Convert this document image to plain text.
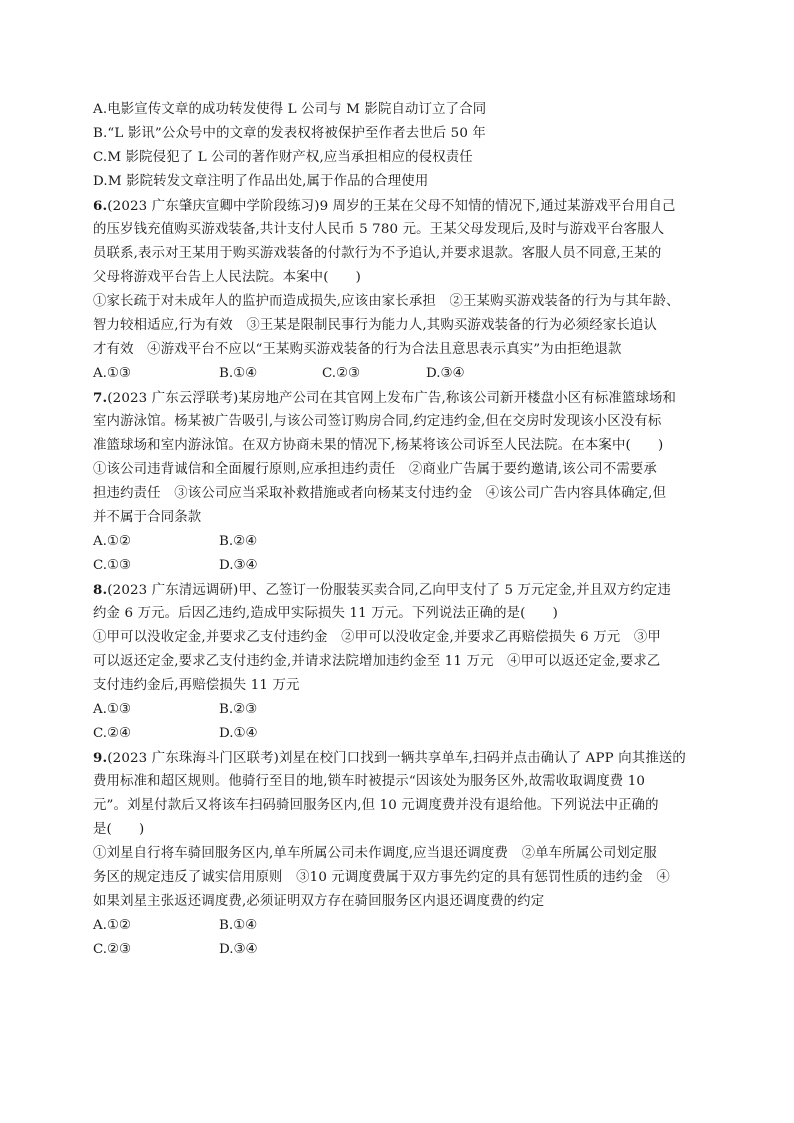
A.电影宣传文章的成功转发使得 L 公司与 M 影院自动订立了合同
B.“L 影讯”公众号中的文章的发表权将被保护至作者去世后 50 年
C.M 影院侵犯了 L 公司的著作财产权,应当承担相应的侵权责任
D.M 影院转发文章注明了作品出处,属于作品的合理使用
6.(2023 广东肇庆宣卿中学阶段练习)9 周岁的王某在父母不知情的情况下,通过某游戏平台用自己
的压岁钱充值购买游戏装备,共计支付人民币 5 780 元。王某父母发现后,及时与游戏平台客服人
员联系,表示对王某用于购买游戏装备的付款行为不予追认,并要求退款。客服人员不同意,王某的
父母将游戏平台告上人民法院。本案中(　　)
①家长疏于对未成年人的监护而造成损失,应该由家长承担　②王某购买游戏装备的行为与其年龄、
智力较相适应,行为有效　③王某是限制民事行为能力人,其购买游戏装备的行为必须经家长追认
才有效　④游戏平台不应以“王某购买游戏装备的行为合法且意思表示真实”为由拒绝退款
A.①③	B.①④	C.②③	D.③④
7.(2023 广东云浮联考)某房地产公司在其官网上发布广告,称该公司新开楼盘小区有标准篮球场和
室内游泳馆。杨某被广告吸引,与该公司签订购房合同,约定违约金,但在交房时发现该小区没有标
准篮球场和室内游泳馆。在双方协商未果的情况下,杨某将该公司诉至人民法院。在本案中(　　)
①该公司违背诚信和全面履行原则,应承担违约责任　②商业广告属于要约邀请,该公司不需要承
担违约责任　③该公司应当采取补救措施或者向杨某支付违约金　④该公司广告内容具体确定,但
并不属于合同条款
A.①②	B.②④
C.①③	D.③④
8.(2023 广东清远调研)甲、乙签订一份服装买卖合同,乙向甲支付了 5 万元定金,并且双方约定违
约金 6 万元。后因乙违约,造成甲实际损失 11 万元。下列说法正确的是(　　)
①甲可以没收定金,并要求乙支付违约金　②甲可以没收定金,并要求乙再赔偿损失 6 万元　③甲
可以返还定金,要求乙支付违约金,并请求法院增加违约金至 11 万元　④甲可以返还定金,要求乙
支付违约金后,再赔偿损失 11 万元
A.①③	B.②③
C.②④	D.①④
9.(2023 广东珠海斗门区联考)刘星在校门口找到一辆共享单车,扫码并点击确认了 APP 向其推送的
费用标准和超区规则。他骑行至目的地,锁车时被提示“因该处为服务区外,故需收取调度费 10
元”。刘星付款后又将该车扫码骑回服务区内,但 10 元调度费并没有退给他。下列说法中正确的
是(　　)
①刘星自行将车骑回服务区内,单车所属公司未作调度,应当退还调度费　②单车所属公司划定服
务区的规定违反了诚实信用原则　③10 元调度费属于双方事先约定的具有惩罚性质的违约金　④
如果刘星主张返还调度费,必须证明双方存在骑回服务区内退还调度费的约定
A.①②	B.①④
C.②③	D.③④
